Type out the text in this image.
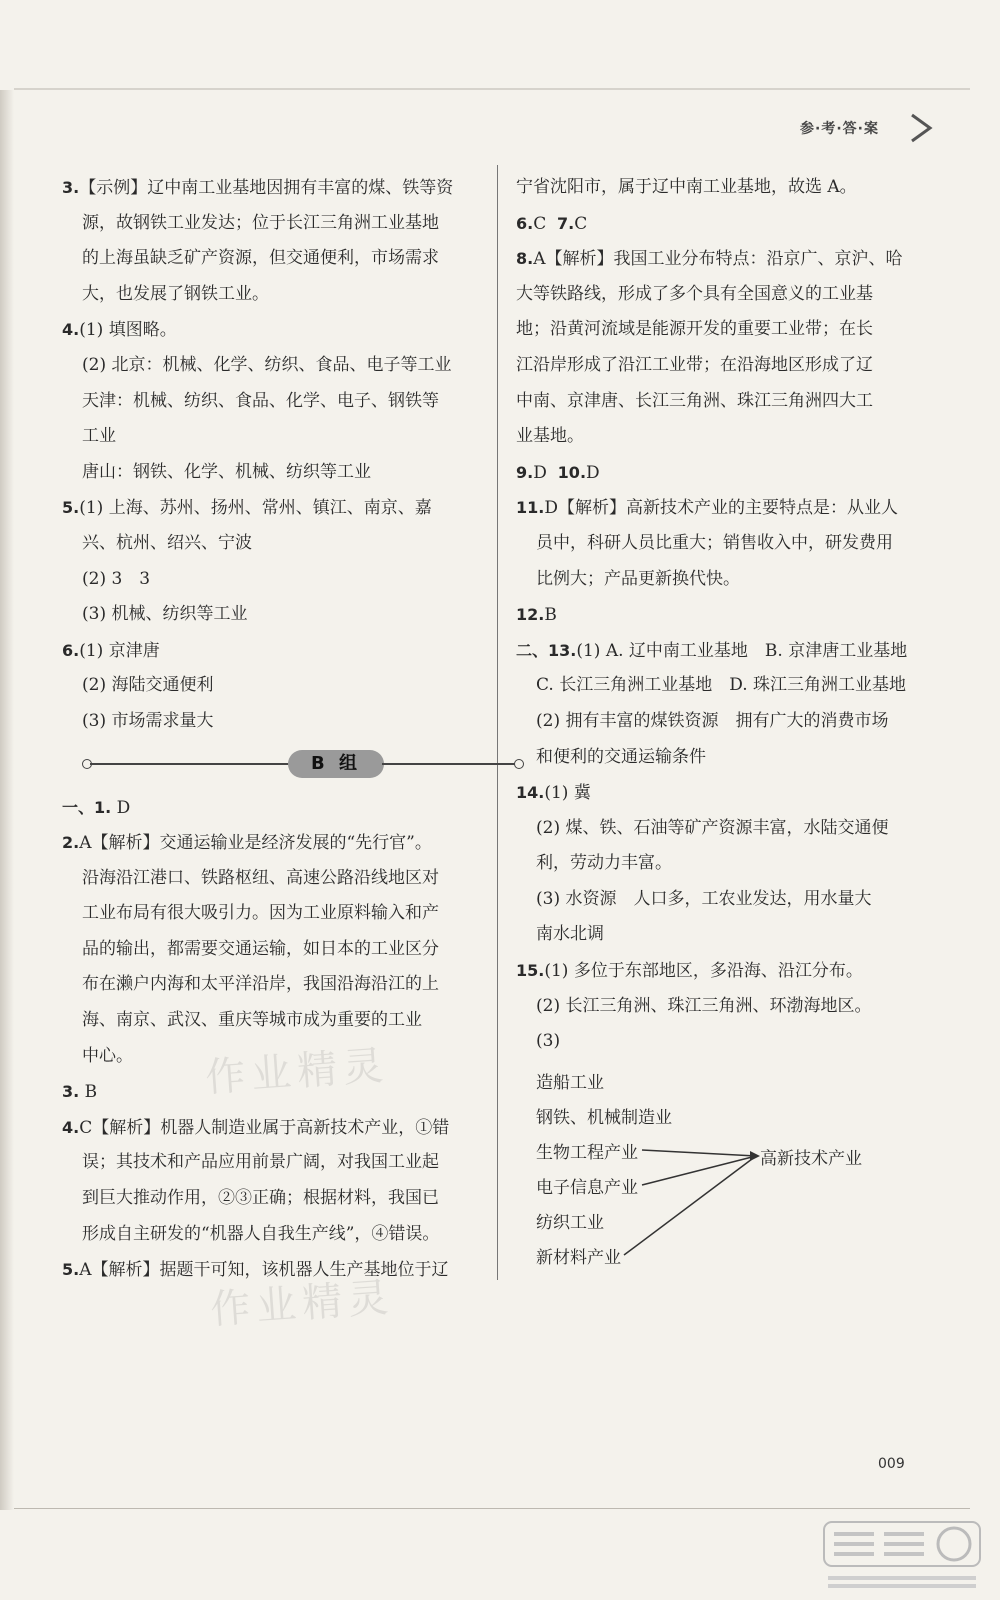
参·考·答·案
3.【示例】辽中南工业基地因拥有丰富的煤、铁等资
源，故钢铁工业发达；位于长江三角洲工业基地
的上海虽缺乏矿产资源，但交通便利，市场需求
大，也发展了钢铁工业。
4.(1) 填图略。
(2) 北京：机械、化学、纺织、食品、电子等工业
天津：机械、纺织、食品、化学、电子、钢铁等
工业
唐山：钢铁、化学、机械、纺织等工业
5.(1) 上海、苏州、扬州、常州、镇江、南京、嘉
兴、杭州、绍兴、宁波
(2) 3　3
(3) 机械、纺织等工业
6.(1) 京津唐
(2) 海陆交通便利
(3) 市场需求量大
B 组
一、1. D
2.A【解析】交通运输业是经济发展的“先行官”。
沿海沿江港口、铁路枢纽、高速公路沿线地区对
工业布局有很大吸引力。因为工业原料输入和产
品的输出，都需要交通运输，如日本的工业区分
布在濑户内海和太平洋沿岸，我国沿海沿江的上
海、南京、武汉、重庆等城市成为重要的工业
中心。
3. B
4.C【解析】机器人制造业属于高新技术产业，①错
误；其技术和产品应用前景广阔，对我国工业起
到巨大推动作用，②③正确；根据材料，我国已
形成自主研发的“机器人自我生产线”，④错误。
5.A【解析】据题干可知，该机器人生产基地位于辽
宁省沈阳市，属于辽中南工业基地，故选 A。
6.C 7.C
8.A【解析】我国工业分布特点：沿京广、京沪、哈
大等铁路线，形成了多个具有全国意义的工业基
地；沿黄河流域是能源开发的重要工业带；在长
江沿岸形成了沿江工业带；在沿海地区形成了辽
中南、京津唐、长江三角洲、珠江三角洲四大工
业基地。
9.D 10.D
11.D【解析】高新技术产业的主要特点是：从业人
员中，科研人员比重大；销售收入中，研发费用
比例大；产品更新换代快。
12.B
二、13.(1) A. 辽中南工业基地　B. 京津唐工业基地
C. 长江三角洲工业基地　D. 珠江三角洲工业基地
(2) 拥有丰富的煤铁资源　拥有广大的消费市场
和便利的交通运输条件
14.(1) 冀
(2) 煤、铁、石油等矿产资源丰富，水陆交通便
利，劳动力丰富。
(3) 水资源　人口多，工农业发达，用水量大
南水北调
15.(1) 多位于东部地区，多沿海、沿江分布。
(2) 长江三角洲、珠江三角洲、环渤海地区。
(3)
造船工业
钢铁、机械制造业
生物工程产业
电子信息产业
纺织工业
新材料产业
高新技术产业
作业精灵
作业精灵
009
